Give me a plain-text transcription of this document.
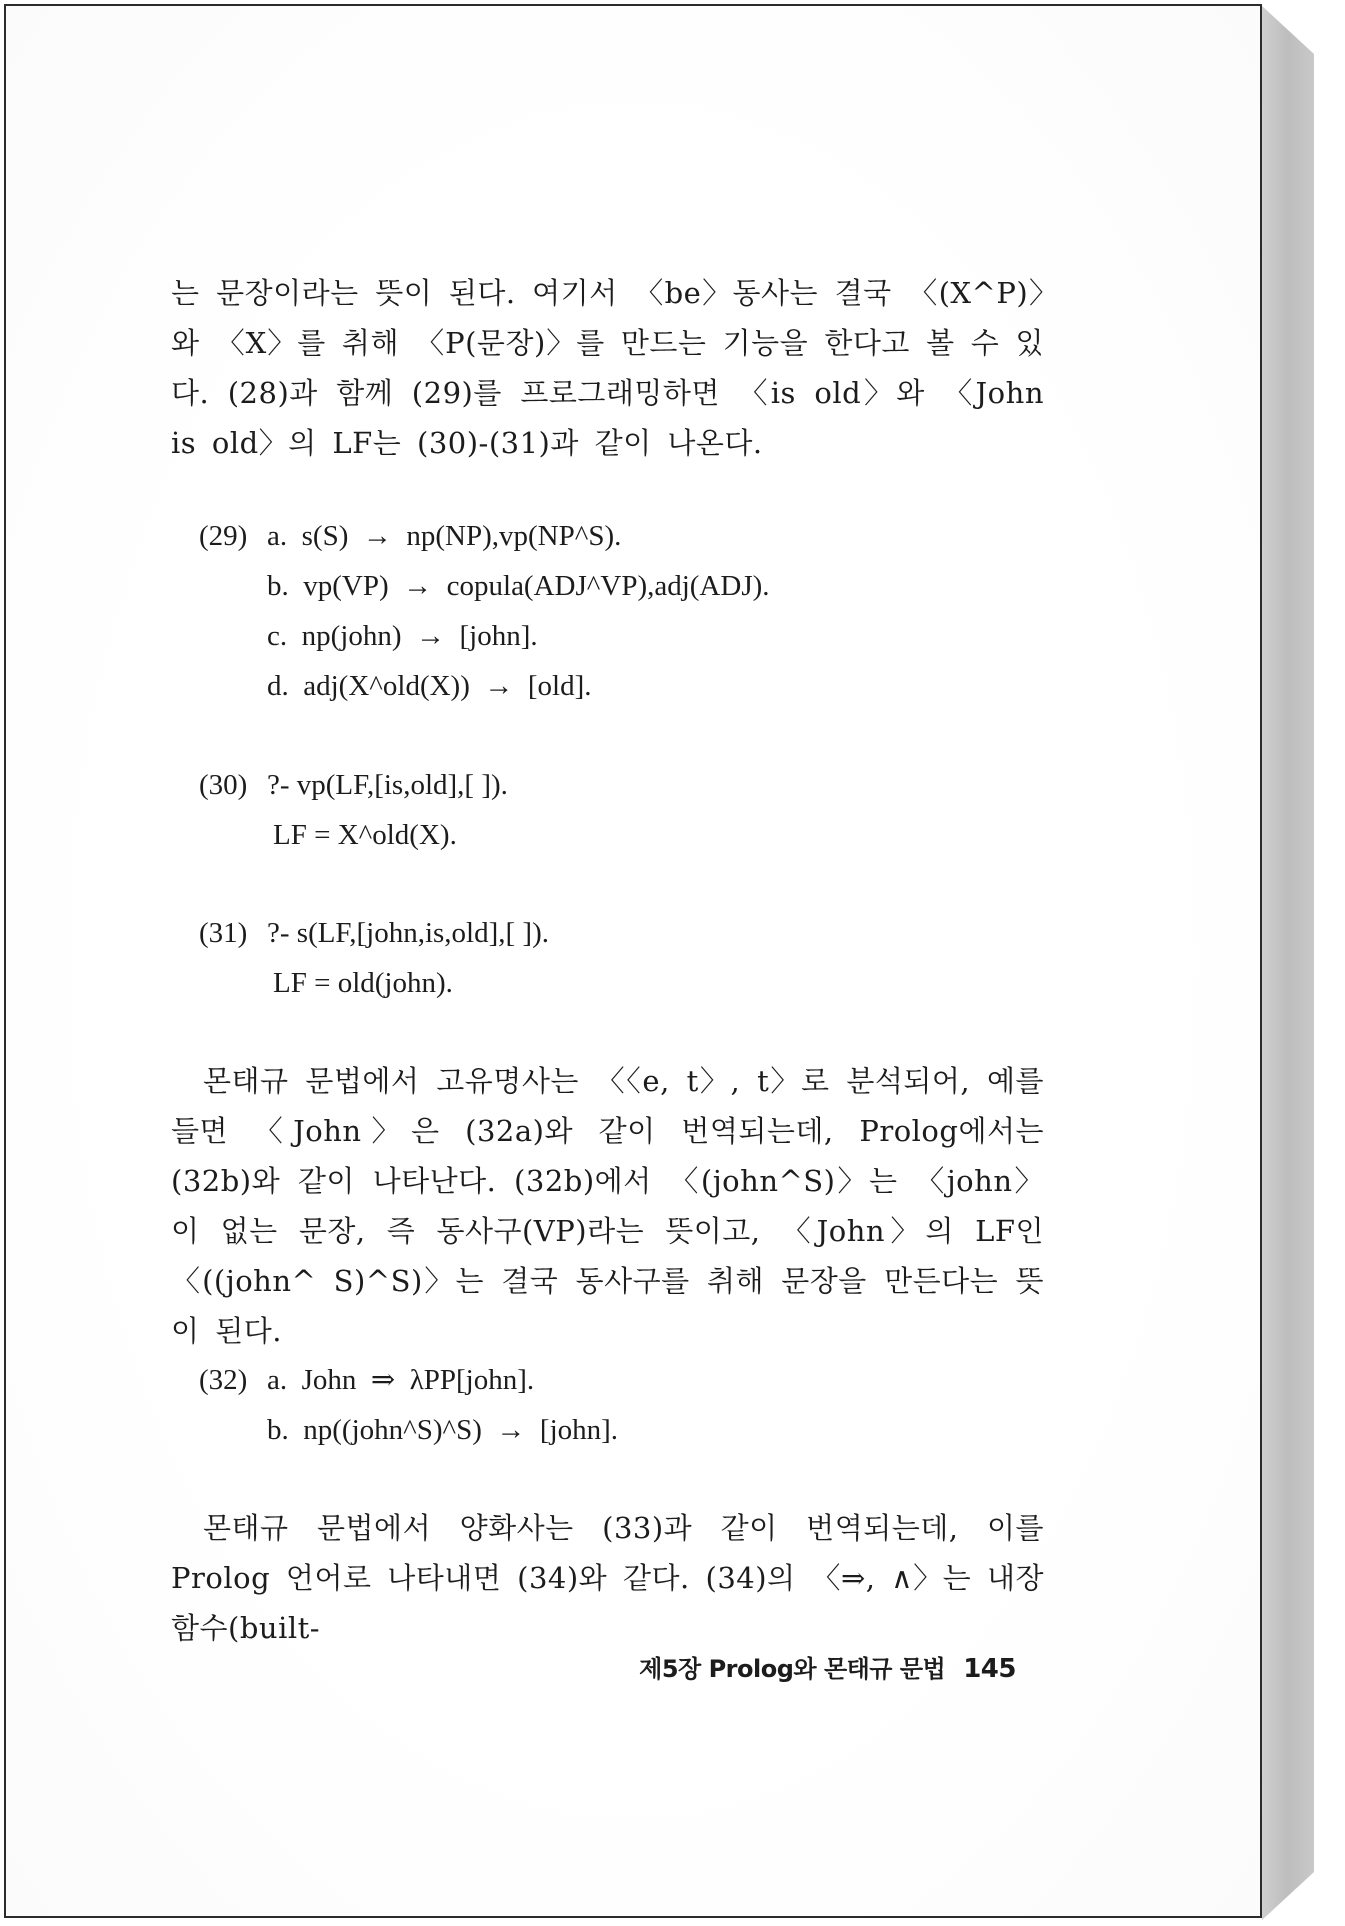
는 문장이라는 뜻이 된다. 여기서 〈be〉동사는 결국 〈(X^P)〉와 〈X〉를 취해 〈P(문장)〉를 만드는 기능을 한다고 볼 수 있다. (28)과 함께 (29)를 프로그래밍하면 〈is old〉와 〈John is old〉의 LF는 (30)-(31)과 같이 나온다.
(29) a.  s(S)  →  np(NP),vp(NP^S).
b.  vp(VP)  →  copula(ADJ^VP),adj(ADJ).
c.  np(john)  →  [john].
d.  adj(X^old(X))  →  [old].
(30) ?- vp(LF,[is,old],[ ]).
LF = X^old(X).
(31) ?- s(LF,[john,is,old],[ ]).
LF = old(john).
몬태규 문법에서 고유명사는 〈〈e, t〉, t〉로 분석되어, 예를 들면 〈John〉은 (32a)와 같이 번역되는데, Prolog에서는 (32b)와 같이 나타난다. (32b)에서 〈(john^S)〉는 〈john〉이 없는 문장, 즉 동사구(VP)라는 뜻이고, 〈John〉의 LF인 〈((john^ S)^S)〉는 결국 동사구를 취해 문장을 만든다는 뜻이 된다.
(32) a.  John  ⇒  λPP[john].
b.  np((john^S)^S)  →  [john].
몬태규 문법에서 양화사는 (33)과 같이 번역되는데, 이를 Prolog 언어로 나타내면 (34)와 같다. (34)의 〈⇒, ∧〉는 내장함수(built-
제5장 Prolog와 몬태규 문법 145
